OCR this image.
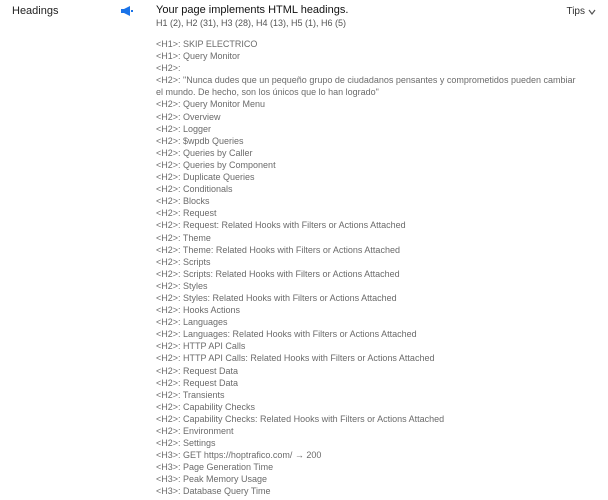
Headings	Your page implements HTML headings.
H1 (2), H2 (31), H3 (28), H4 (13), H5 (1), H6 (5)
Tips
<H1>: SKIP ELECTRICO
<H1>: Query Monitor
<H2>:
<H2>: "Nunca dudes que un pequeño grupo de ciudadanos pensantes y comprometidos pueden cambiar el mundo. De hecho, son los únicos que lo han logrado"
<H2>: Query Monitor Menu
<H2>: Overview
<H2>: Logger
<H2>: $wpdb Queries
<H2>: Queries by Caller
<H2>: Queries by Component
<H2>: Duplicate Queries
<H2>: Conditionals
<H2>: Blocks
<H2>: Request
<H2>: Request: Related Hooks with Filters or Actions Attached
<H2>: Theme
<H2>: Theme: Related Hooks with Filters or Actions Attached
<H2>: Scripts
<H2>: Scripts: Related Hooks with Filters or Actions Attached
<H2>: Styles
<H2>: Styles: Related Hooks with Filters or Actions Attached
<H2>: Hooks Actions
<H2>: Languages
<H2>: Languages: Related Hooks with Filters or Actions Attached
<H2>: HTTP API Calls
<H2>: HTTP API Calls: Related Hooks with Filters or Actions Attached
<H2>: Request Data
<H2>: Request Data
<H2>: Transients
<H2>: Capability Checks
<H2>: Capability Checks: Related Hooks with Filters or Actions Attached
<H2>: Environment
<H2>: Settings
<H3>: GET https://hoptrafico.com/ → 200
<H3>: Page Generation Time
<H3>: Peak Memory Usage
<H3>: Database Query Time
